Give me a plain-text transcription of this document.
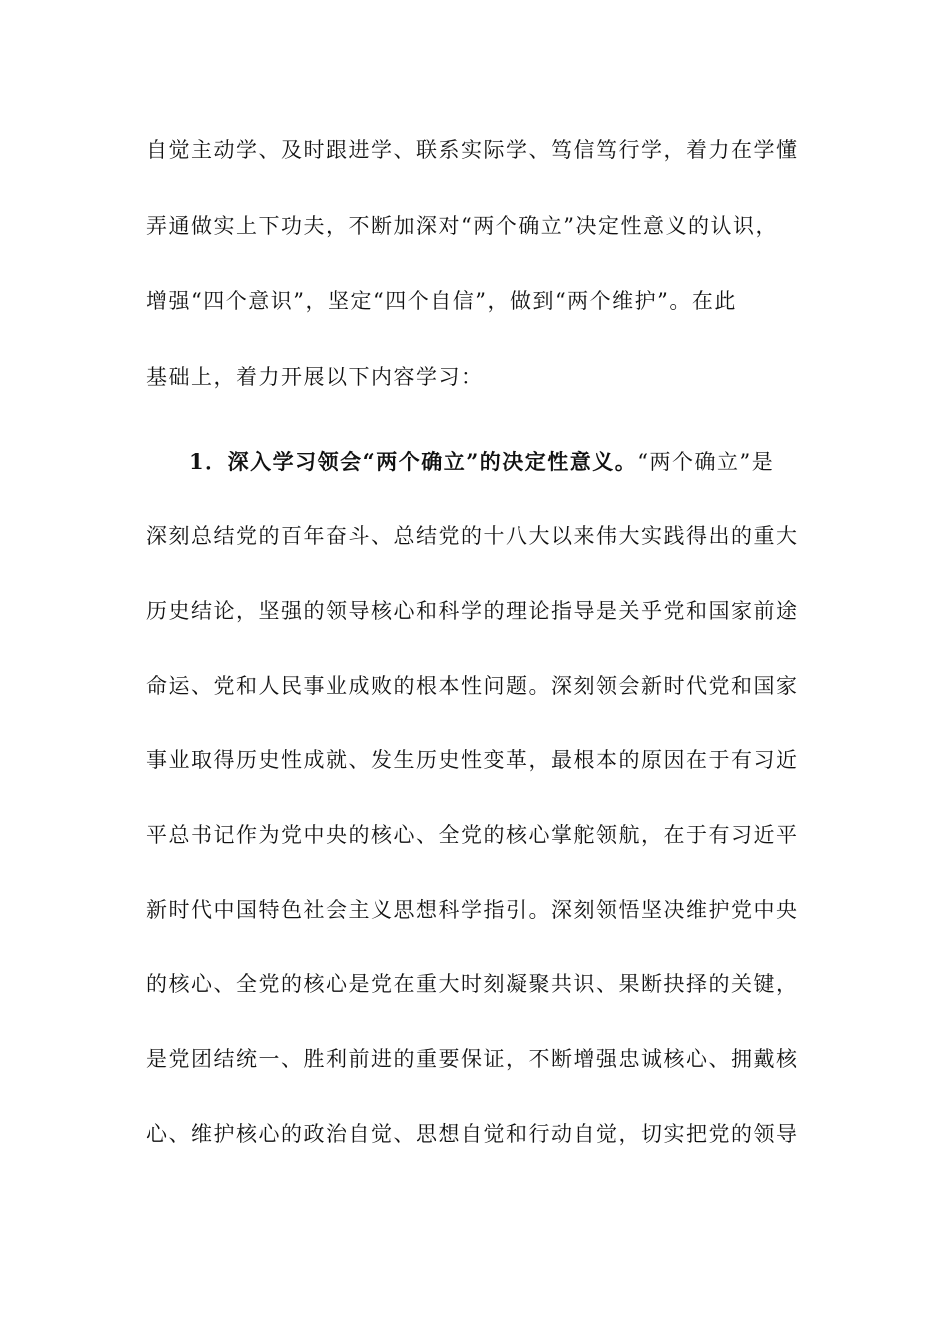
自觉主动学、及时跟进学、联系实际学、笃信笃行学，着力在学懂
弄通做实上下功夫，不断加深对“两个确立”决定性意义的认识，
增强“四个意识”，坚定“四个自信”，做到“两个维护”。在此
基础上，着力开展以下内容学习：
1．深入学习领会“两个确立”的决定性意义。“两个确立”是
深刻总结党的百年奋斗、总结党的十八大以来伟大实践得出的重大
历史结论，坚强的领导核心和科学的理论指导是关乎党和国家前途
命运、党和人民事业成败的根本性问题。深刻领会新时代党和国家
事业取得历史性成就、发生历史性变革，最根本的原因在于有习近
平总书记作为党中央的核心、全党的核心掌舵领航，在于有习近平
新时代中国特色社会主义思想科学指引。深刻领悟坚决维护党中央
的核心、全党的核心是党在重大时刻凝聚共识、果断抉择的关键，
是党团结统一、胜利前进的重要保证，不断增强忠诚核心、拥戴核
心、维护核心的政治自觉、思想自觉和行动自觉，切实把党的领导
